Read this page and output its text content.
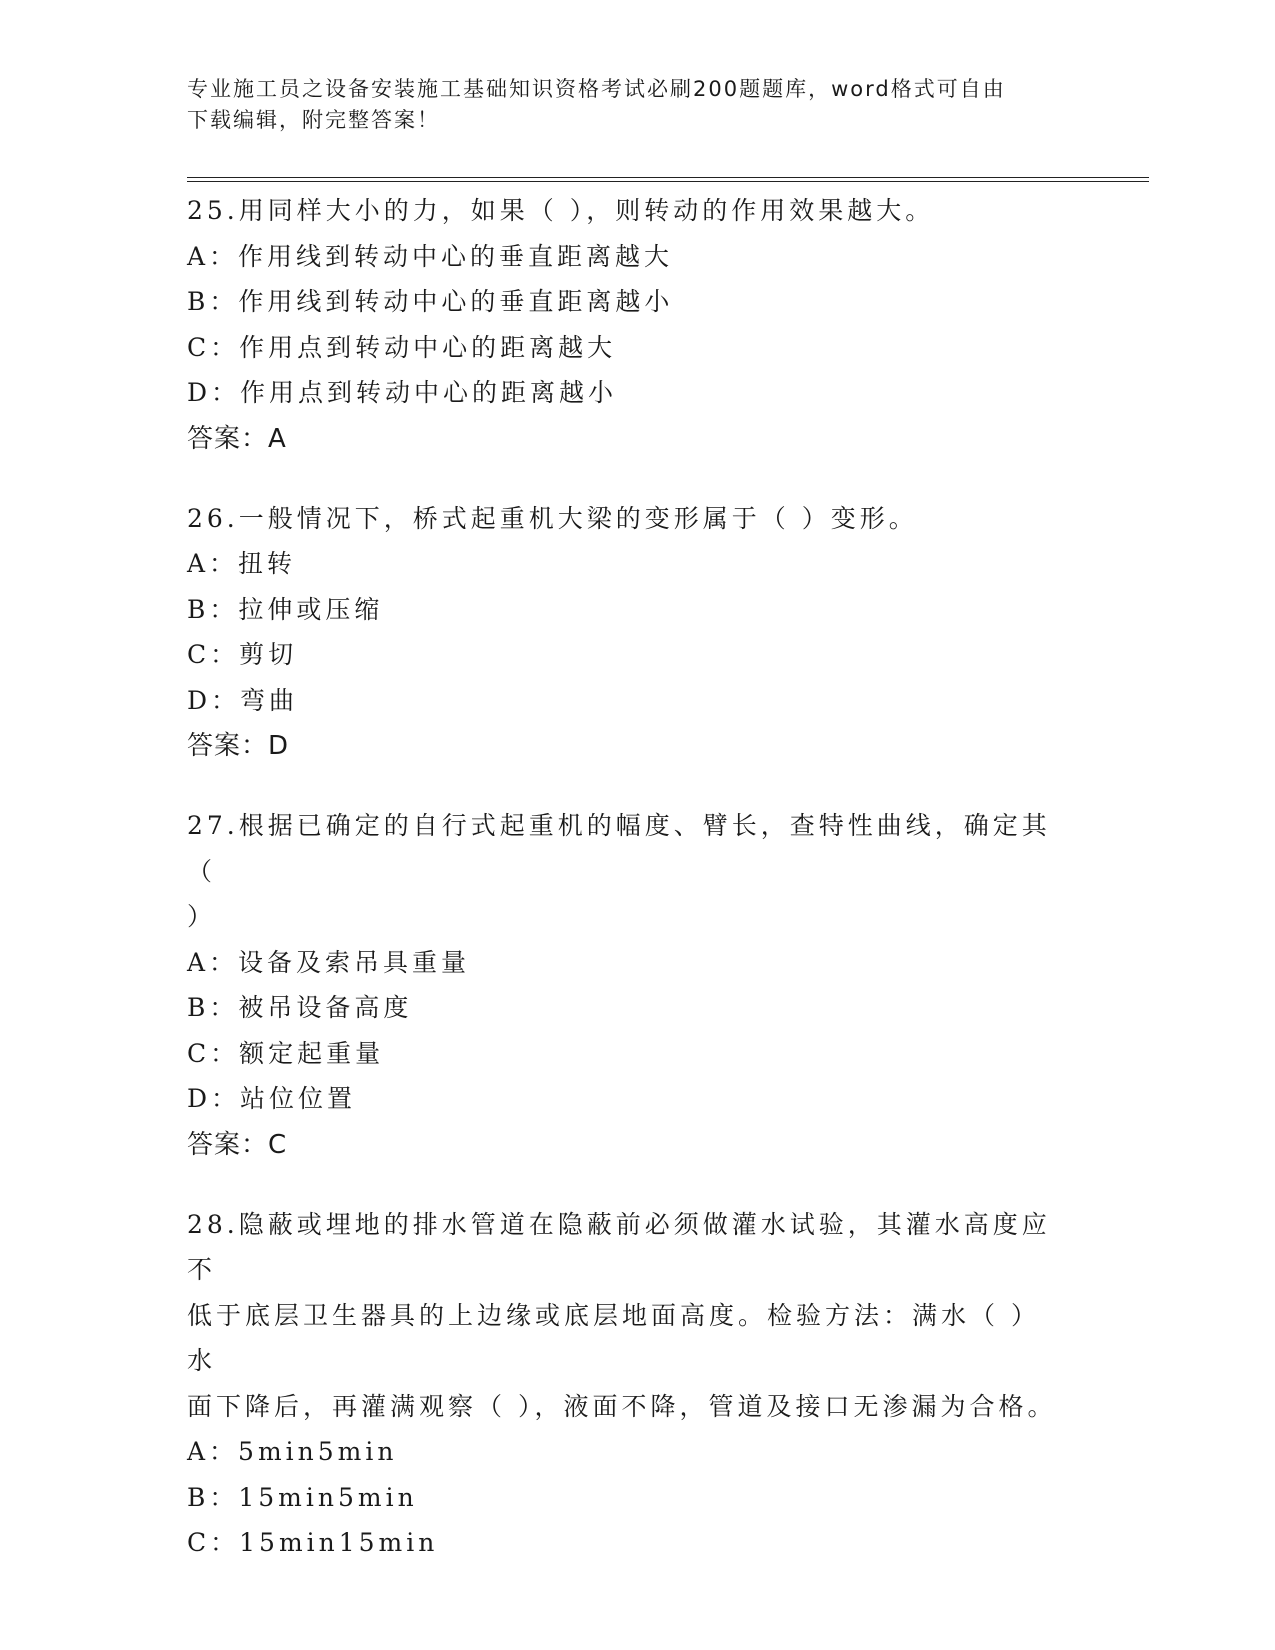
专业施工员之设备安装施工基础知识资格考试必刷200题题库，word格式可自由
下载编辑，附完整答案！
25.用同样大小的力，如果（ ），则转动的作用效果越大。
A：作用线到转动中心的垂直距离越大
B：作用线到转动中心的垂直距离越小
C：作用点到转动中心的距离越大
D：作用点到转动中心的距离越小
答案：A
26.一般情况下，桥式起重机大梁的变形属于（ ）变形。
A：扭转
B：拉伸或压缩
C：剪切
D：弯曲
答案：D
27.根据已确定的自行式起重机的幅度、臂长，查特性曲线，确定其（
）
A：设备及索吊具重量
B：被吊设备高度
C：额定起重量
D：站位位置
答案：C
28.隐蔽或埋地的排水管道在隐蔽前必须做灌水试验，其灌水高度应不
低于底层卫生器具的上边缘或底层地面高度。检验方法：满水（ ）水
面下降后，再灌满观察（ ），液面不降，管道及接口无渗漏为合格。
A：5min5min
B：15min5min
C：15min15min
